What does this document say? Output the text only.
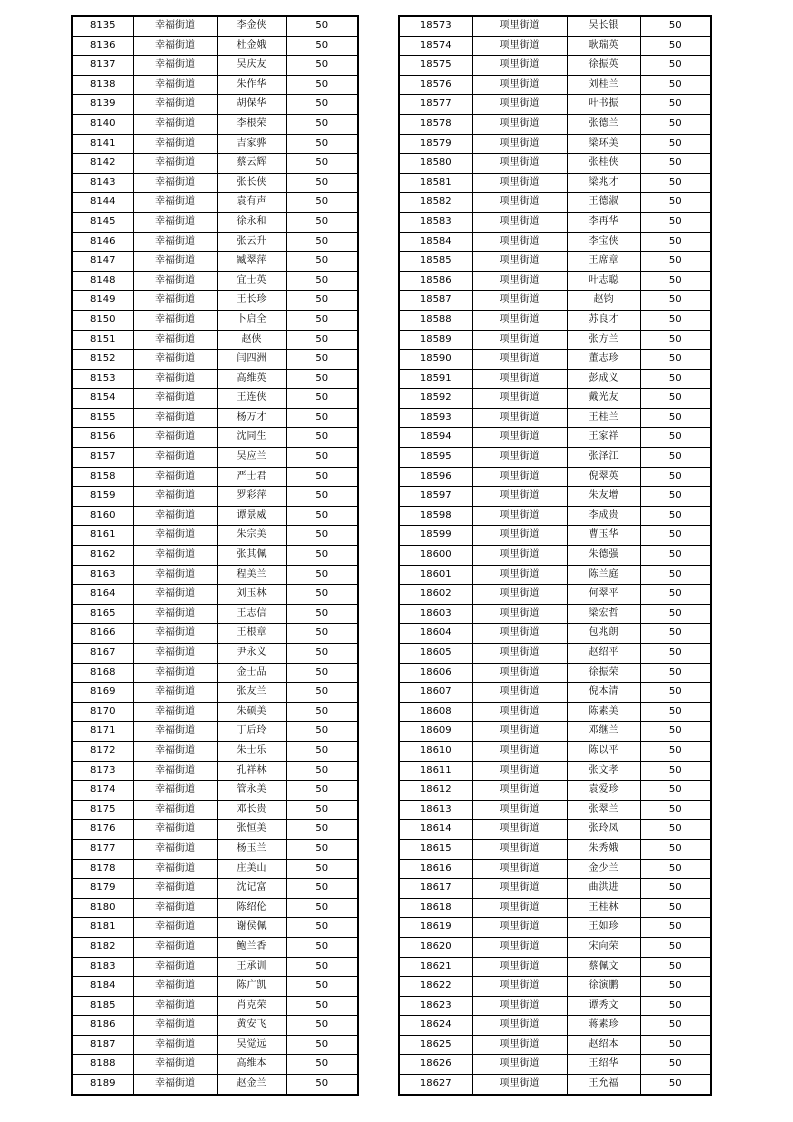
8135	幸福街道	李金侠	50
8136	幸福街道	杜金娥	50
8137	幸福街道	吴庆友	50
8138	幸福街道	朱作华	50
8139	幸福街道	胡保华	50
8140	幸福街道	李根荣	50
8141	幸福街道	吉家骅	50
8142	幸福街道	蔡云辉	50
8143	幸福街道	张长侠	50
8144	幸福街道	袁有声	50
8145	幸福街道	徐永和	50
8146	幸福街道	张云升	50
8147	幸福街道	臧翠萍	50
8148	幸福街道	宜士英	50
8149	幸福街道	王长珍	50
8150	幸福街道	卜启全	50
8151	幸福街道	赵侠	50
8152	幸福街道	闫四洲	50
8153	幸福街道	高维英	50
8154	幸福街道	王连侠	50
8155	幸福街道	杨万才	50
8156	幸福街道	沈同生	50
8157	幸福街道	吴应兰	50
8158	幸福街道	严士君	50
8159	幸福街道	罗彩萍	50
8160	幸福街道	谭景威	50
8161	幸福街道	朱宗美	50
8162	幸福街道	张其佩	50
8163	幸福街道	程美兰	50
8164	幸福街道	刘玉林	50
8165	幸福街道	王志信	50
8166	幸福街道	王根章	50
8167	幸福街道	尹永义	50
8168	幸福街道	金士品	50
8169	幸福街道	张友兰	50
8170	幸福街道	朱硕美	50
8171	幸福街道	丁后玲	50
8172	幸福街道	朱士乐	50
8173	幸福街道	孔祥林	50
8174	幸福街道	管永美	50
8175	幸福街道	邓长贵	50
8176	幸福街道	张恒美	50
8177	幸福街道	杨玉兰	50
8178	幸福街道	庄美山	50
8179	幸福街道	沈记富	50
8180	幸福街道	陈绍伦	50
8181	幸福街道	谢侯佩	50
8182	幸福街道	鲍兰香	50
8183	幸福街道	王承训	50
8184	幸福街道	陈广凯	50
8185	幸福街道	肖克荣	50
8186	幸福街道	黄安飞	50
8187	幸福街道	吴觉远	50
8188	幸福街道	高维本	50
8189	幸福街道	赵金兰	50
18573	项里街道	吴长银	50
18574	项里街道	耿瑞英	50
18575	项里街道	徐振英	50
18576	项里街道	刘桂兰	50
18577	项里街道	叶书振	50
18578	项里街道	张德兰	50
18579	项里街道	梁环美	50
18580	项里街道	张桂侠	50
18581	项里街道	梁兆才	50
18582	项里街道	王德淑	50
18583	项里街道	李再华	50
18584	项里街道	李宝侠	50
18585	项里街道	王席章	50
18586	项里街道	叶志聪	50
18587	项里街道	赵钧	50
18588	项里街道	苏良才	50
18589	项里街道	张方兰	50
18590	项里街道	董志珍	50
18591	项里街道	彭成义	50
18592	项里街道	戴光友	50
18593	项里街道	王桂兰	50
18594	项里街道	王家祥	50
18595	项里街道	张泽江	50
18596	项里街道	倪翠英	50
18597	项里街道	朱友增	50
18598	项里街道	李成贵	50
18599	项里街道	曹玉华	50
18600	项里街道	朱德强	50
18601	项里街道	陈兰庭	50
18602	项里街道	何翠平	50
18603	项里街道	梁宏哲	50
18604	项里街道	包兆朗	50
18605	项里街道	赵绍平	50
18606	项里街道	徐振荣	50
18607	项里街道	倪本清	50
18608	项里街道	陈素美	50
18609	项里街道	邓继兰	50
18610	项里街道	陈以平	50
18611	项里街道	张文孝	50
18612	项里街道	袁爱珍	50
18613	项里街道	张翠兰	50
18614	项里街道	张玲凤	50
18615	项里街道	朱秀娥	50
18616	项里街道	金少兰	50
18617	项里街道	曲洪进	50
18618	项里街道	王桂林	50
18619	项里街道	王如珍	50
18620	项里街道	宋向荣	50
18621	项里街道	蔡佩文	50
18622	项里街道	徐演鹏	50
18623	项里街道	谭秀文	50
18624	项里街道	蒋素珍	50
18625	项里街道	赵绍本	50
18626	项里街道	王绍华	50
18627	项里街道	王允福	50
